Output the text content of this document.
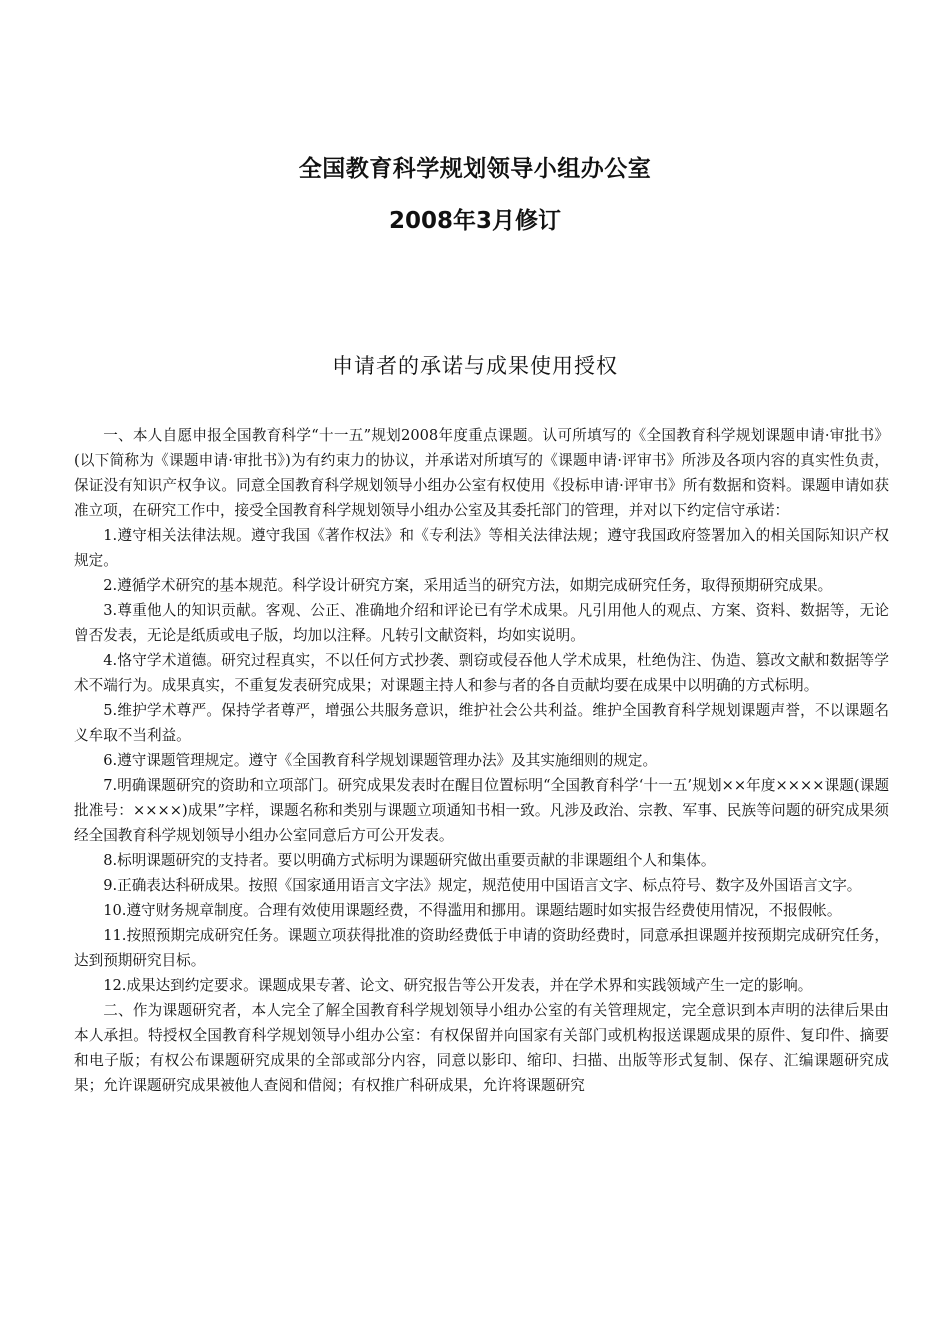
全国教育科学规划领导小组办公室
2008年3月修订
申请者的承诺与成果使用授权

一、本人自愿申报全国教育科学“十一五”规划2008年度重点课题。认可所填写的《全国教育科学规划课题申请·审批书》(以下简称为《课题申请·审批书》)为有约束力的协议，并承诺对所填写的《课题申请·评审书》所涉及各项内容的真实性负责，保证没有知识产权争议。同意全国教育科学规划领导小组办公室有权使用《投标申请·评审书》所有数据和资料。课题申请如获准立项，在研究工作中，接受全国教育科学规划领导小组办公室及其委托部门的管理，并对以下约定信守承诺：

1.遵守相关法律法规。遵守我国《著作权法》和《专利法》等相关法律法规；遵守我国政府签署加入的相关国际知识产权规定。

2.遵循学术研究的基本规范。科学设计研究方案，采用适当的研究方法，如期完成研究任务，取得预期研究成果。

3.尊重他人的知识贡献。客观、公正、准确地介绍和评论已有学术成果。凡引用他人的观点、方案、资料、数据等，无论曾否发表，无论是纸质或电子版，均加以注释。凡转引文献资料，均如实说明。

4.恪守学术道德。研究过程真实，不以任何方式抄袭、剽窃或侵吞他人学术成果，杜绝伪注、伪造、篡改文献和数据等学术不端行为。成果真实，不重复发表研究成果；对课题主持人和参与者的各自贡献均要在成果中以明确的方式标明。

5.维护学术尊严。保持学者尊严，增强公共服务意识，维护社会公共利益。维护全国教育科学规划课题声誉，不以课题名义牟取不当利益。

6.遵守课题管理规定。遵守《全国教育科学规划课题管理办法》及其实施细则的规定。

7.明确课题研究的资助和立项部门。研究成果发表时在醒目位置标明“全国教育科学‘十一五’规划××年度××××课题(课题批准号：××××)成果”字样，课题名称和类别与课题立项通知书相一致。凡涉及政治、宗教、军事、民族等问题的研究成果须经全国教育科学规划领导小组办公室同意后方可公开发表。

8.标明课题研究的支持者。要以明确方式标明为课题研究做出重要贡献的非课题组个人和集体。

9.正确表达科研成果。按照《国家通用语言文字法》规定，规范使用中国语言文字、标点符号、数字及外国语言文字。

10.遵守财务规章制度。合理有效使用课题经费，不得滥用和挪用。课题结题时如实报告经费使用情况，不报假帐。

11.按照预期完成研究任务。课题立项获得批准的资助经费低于申请的资助经费时，同意承担课题并按预期完成研究任务，达到预期研究目标。

12.成果达到约定要求。课题成果专著、论文、研究报告等公开发表，并在学术界和实践领域产生一定的影响。

二、作为课题研究者，本人完全了解全国教育科学规划领导小组办公室的有关管理规定，完全意识到本声明的法律后果由本人承担。特授权全国教育科学规划领导小组办公室：有权保留并向国家有关部门或机构报送课题成果的原件、复印件、摘要和电子版；有权公布课题研究成果的全部或部分内容，同意以影印、缩印、扫描、出版等形式复制、保存、汇编课题研究成果；允许课题研究成果被他人查阅和借阅；有权推广科研成果，允许将课题研究
